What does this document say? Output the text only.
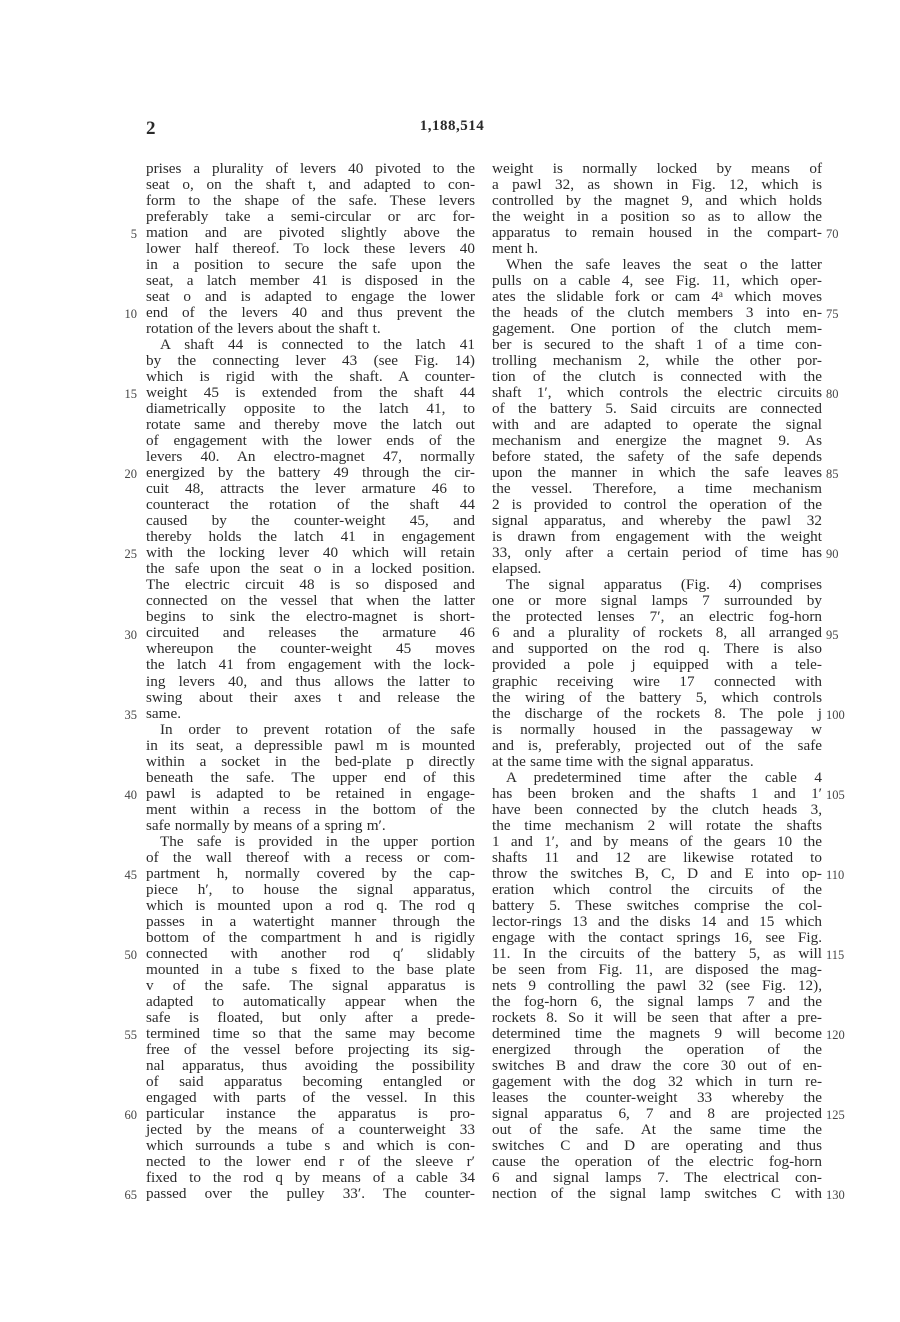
2	1,188,514
prises a plurality of levers 40 pivoted to the
seat o, on the shaft t, and adapted to con-
form to the shape of the safe. These levers
preferably take a semi-circular or arc for-
mation and are pivoted slightly above the
lower half thereof. To lock these levers 40
in a position to secure the safe upon the
seat, a latch member 41 is disposed in the
seat o and is adapted to engage the lower
end of the levers 40 and thus prevent the
rotation of the levers about the shaft t.
A shaft 44 is connected to the latch 41
by the connecting lever 43 (see Fig. 14)
which is rigid with the shaft. A counter-
weight 45 is extended from the shaft 44
diametrically opposite to the latch 41, to
rotate same and thereby move the latch out
of engagement with the lower ends of the
levers 40. An electro-magnet 47, normally
energized by the battery 49 through the cir-
cuit 48, attracts the lever armature 46 to
counteract the rotation of the shaft 44
caused by the counter-weight 45, and
thereby holds the latch 41 in engagement
with the locking lever 40 which will retain
the safe upon the seat o in a locked position.
The electric circuit 48 is so disposed and
connected on the vessel that when the latter
begins to sink the electro-magnet is short-
circuited and releases the armature 46
whereupon the counter-weight 45 moves
the latch 41 from engagement with the lock-
ing levers 40, and thus allows the latter to
swing about their axes t and release the
same.
In order to prevent rotation of the safe
in its seat, a depressible pawl m is mounted
within a socket in the bed-plate p directly
beneath the safe. The upper end of this
pawl is adapted to be retained in engage-
ment within a recess in the bottom of the
safe normally by means of a spring m′.
The safe is provided in the upper portion
of the wall thereof with a recess or com-
partment h, normally covered by the cap-
piece h′, to house the signal apparatus,
which is mounted upon a rod q. The rod q
passes in a watertight manner through the
bottom of the compartment h and is rigidly
connected with another rod q′ slidably
mounted in a tube s fixed to the base plate
v of the safe. The signal apparatus is
adapted to automatically appear when the
safe is floated, but only after a prede-
termined time so that the same may become
free of the vessel before projecting its sig-
nal apparatus, thus avoiding the possibility
of said apparatus becoming entangled or
engaged with parts of the vessel. In this
particular instance the apparatus is pro-
jected by the means of a counterweight 33
which surrounds a tube s and which is con-
nected to the lower end r of the sleeve r′
fixed to the rod q by means of a cable 34
passed over the pulley 33′. The counter-
weight is normally locked by means of
a pawl 32, as shown in Fig. 12, which is
controlled by the magnet 9, and which holds
the weight in a position so as to allow the
apparatus to remain housed in the compart-
ment h.
When the safe leaves the seat o the latter
pulls on a cable 4, see Fig. 11, which oper-
ates the slidable fork or cam 4ᵃ which moves
the heads of the clutch members 3 into en-
gagement. One portion of the clutch mem-
ber is secured to the shaft 1 of a time con-
trolling mechanism 2, while the other por-
tion of the clutch is connected with the
shaft 1′, which controls the electric circuits
of the battery 5. Said circuits are connected
with and are adapted to operate the signal
mechanism and energize the magnet 9. As
before stated, the safety of the safe depends
upon the manner in which the safe leaves
the vessel. Therefore, a time mechanism
2 is provided to control the operation of the
signal apparatus, and whereby the pawl 32
is drawn from engagement with the weight
33, only after a certain period of time has
elapsed.
The signal apparatus (Fig. 4) comprises
one or more signal lamps 7 surrounded by
the protected lenses 7′, an electric fog-horn
6 and a plurality of rockets 8, all arranged
and supported on the rod q. There is also
provided a pole j equipped with a tele-
graphic receiving wire 17 connected with
the wiring of the battery 5, which controls
the discharge of the rockets 8. The pole j
is normally housed in the passageway w
and is, preferably, projected out of the safe
at the same time with the signal apparatus.
A predetermined time after the cable 4
has been broken and the shafts 1 and 1′
have been connected by the clutch heads 3,
the time mechanism 2 will rotate the shafts
1 and 1′, and by means of the gears 10 the
shafts 11 and 12 are likewise rotated to
throw the switches B, C, D and E into op-
eration which control the circuits of the
battery 5. These switches comprise the col-
lector-rings 13 and the disks 14 and 15 which
engage with the contact springs 16, see Fig.
11. In the circuits of the battery 5, as will
be seen from Fig. 11, are disposed the mag-
nets 9 controlling the pawl 32 (see Fig. 12),
the fog-horn 6, the signal lamps 7 and the
rockets 8. So it will be seen that after a pre-
determined time the magnets 9 will become
energized through the operation of the
switches B and draw the core 30 out of en-
gagement with the dog 32 which in turn re-
leases the counter-weight 33 whereby the
signal apparatus 6, 7 and 8 are projected
out of the safe. At the same time the
switches C and D are operating and thus
cause the operation of the electric fog-horn
6 and signal lamps 7. The electrical con-
nection of the signal lamp switches C with
5
10
15
20
25
30
35
40
45
50
55
60
65
70
75
80
85
90
95
100
105
110
115
120
125
130
